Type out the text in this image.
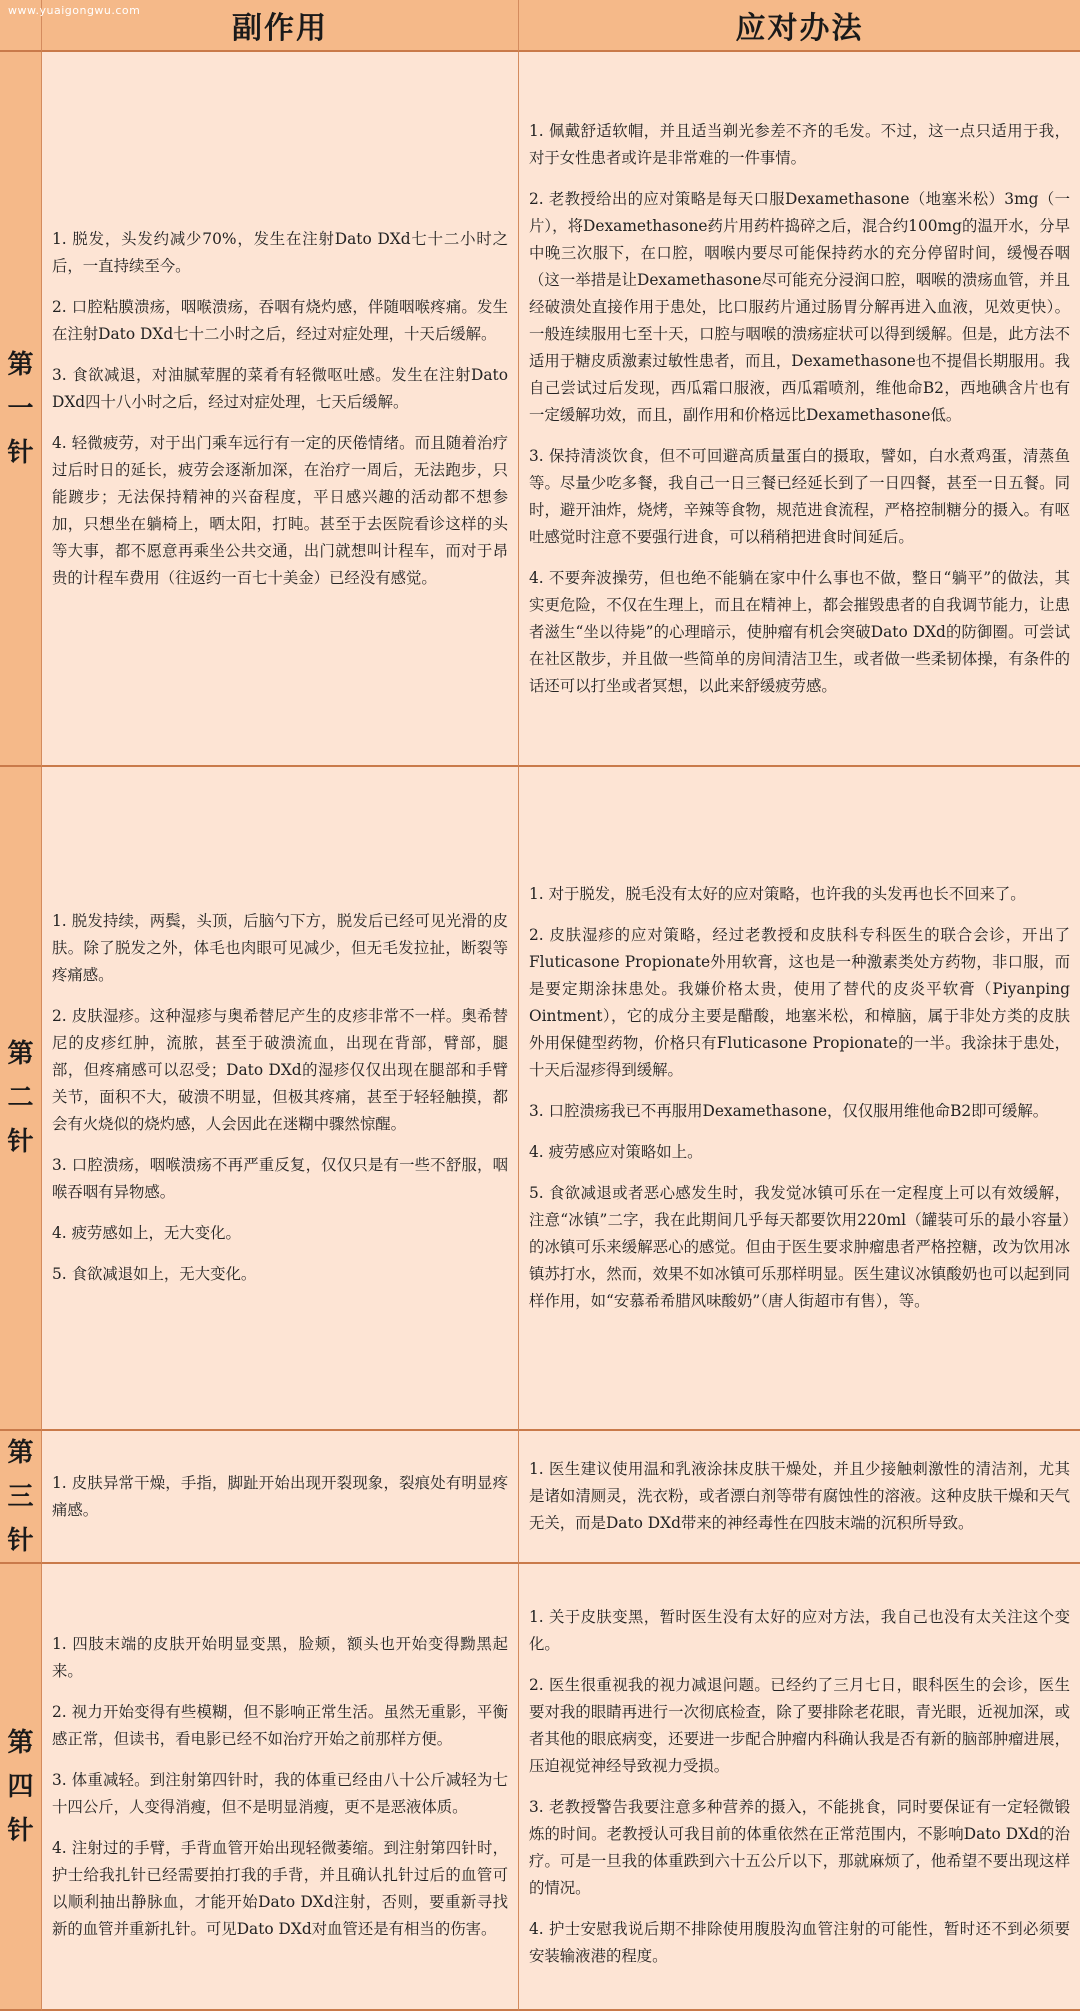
www.yuaigongwu.com
副作用	应对办法
第一针

1. 脱发，头发约减少70%，发生在注射Dato DXd七十二小时之后，一直持续至今。

2. 口腔粘膜溃疡，咽喉溃疡，吞咽有烧灼感，伴随咽喉疼痛。发生在注射Dato DXd七十二小时之后，经过对症处理，十天后缓解。

3. 食欲减退，对油腻荤腥的菜肴有轻微呕吐感。发生在注射Dato DXd四十八小时之后，经过对症处理，七天后缓解。

4. 轻微疲劳，对于出门乘车远行有一定的厌倦情绪。而且随着治疗过后时日的延长，疲劳会逐渐加深，在治疗一周后，无法跑步，只能踱步；无法保持精神的兴奋程度，平日感兴趣的活动都不想参加，只想坐在躺椅上，晒太阳，打盹。甚至于去医院看诊这样的头等大事，都不愿意再乘坐公共交通，出门就想叫计程车，而对于昂贵的计程车费用（往返约一百七十美金）已经没有感觉。

1. 佩戴舒适软帽，并且适当剃光参差不齐的毛发。不过，这一点只适用于我，对于女性患者或许是非常难的一件事情。

2. 老教授给出的应对策略是每天口服Dexamethasone（地塞米松）3mg（一片），将Dexamethasone药片用药杵捣碎之后，混合约100mg的温开水，分早中晚三次服下，在口腔，咽喉内要尽可能保持药水的充分停留时间，缓慢吞咽（这一举措是让Dexamethasone尽可能充分浸润口腔，咽喉的溃疡血管，并且经破溃处直接作用于患处，比口服药片通过肠胃分解再进入血液，见效更快）。一般连续服用七至十天，口腔与咽喉的溃疡症状可以得到缓解。但是，此方法不适用于糖皮质激素过敏性患者，而且，Dexamethasone也不提倡长期服用。我自己尝试过后发现，西瓜霜口服液，西瓜霜喷剂，维他命B2，西地碘含片也有一定缓解功效，而且，副作用和价格远比Dexamethasone低。

3. 保持清淡饮食，但不可回避高质量蛋白的摄取，譬如，白水煮鸡蛋，清蒸鱼等。尽量少吃多餐，我自己一日三餐已经延长到了一日四餐，甚至一日五餐。同时，避开油炸，烧烤，辛辣等食物，规范进食流程，严格控制糖分的摄入。有呕吐感觉时注意不要强行进食，可以稍稍把进食时间延后。

4. 不要奔波操劳，但也绝不能躺在家中什么事也不做，整日“躺平”的做法，其实更危险，不仅在生理上，而且在精神上，都会摧毁患者的自我调节能力，让患者滋生“坐以待毙”的心理暗示，使肿瘤有机会突破Dato DXd的防御圈。可尝试在社区散步，并且做一些简单的房间清洁卫生，或者做一些柔韧体操，有条件的话还可以打坐或者冥想，以此来舒缓疲劳感。

第二针

1. 脱发持续，两鬓，头顶，后脑勺下方，脱发后已经可见光滑的皮肤。除了脱发之外，体毛也肉眼可见减少，但无毛发拉扯，断裂等疼痛感。

2. 皮肤湿疹。这种湿疹与奥希替尼产生的皮疹非常不一样。奥希替尼的皮疹红肿，流脓，甚至于破溃流血，出现在背部，臂部，腿部，但疼痛感可以忍受；Dato DXd的湿疹仅仅出现在腿部和手臂关节，面积不大，破溃不明显，但极其疼痛，甚至于轻轻触摸，都会有火烧似的烧灼感，人会因此在迷糊中骤然惊醒。

3. 口腔溃疡，咽喉溃疡不再严重反复，仅仅只是有一些不舒服，咽喉吞咽有异物感。

4. 疲劳感如上，无大变化。

5. 食欲减退如上，无大变化。

1. 对于脱发，脱毛没有太好的应对策略，也许我的头发再也长不回来了。

2. 皮肤湿疹的应对策略，经过老教授和皮肤科专科医生的联合会诊，开出了Fluticasone Propionate外用软膏，这也是一种激素类处方药物，非口服，而是要定期涂抹患处。我嫌价格太贵，使用了替代的皮炎平软膏（Piyanping Ointment），它的成分主要是醋酸，地塞米松，和樟脑，属于非处方类的皮肤外用保健型药物，价格只有Fluticasone Propionate的一半。我涂抹于患处，十天后湿疹得到缓解。

3. 口腔溃疡我已不再服用Dexamethasone，仅仅服用维他命B2即可缓解。

4. 疲劳感应对策略如上。

5. 食欲减退或者恶心感发生时，我发觉冰镇可乐在一定程度上可以有效缓解，注意“冰镇”二字，我在此期间几乎每天都要饮用220ml（罐装可乐的最小容量）的冰镇可乐来缓解恶心的感觉。但由于医生要求肿瘤患者严格控糖，改为饮用冰镇苏打水，然而，效果不如冰镇可乐那样明显。医生建议冰镇酸奶也可以起到同样作用，如“安慕希希腊风味酸奶”（唐人街超市有售），等。

第三针

1. 皮肤异常干燥，手指，脚趾开始出现开裂现象，裂痕处有明显疼痛感。

1. 医生建议使用温和乳液涂抹皮肤干燥处，并且少接触刺激性的清洁剂，尤其是诸如清厕灵，洗衣粉，或者漂白剂等带有腐蚀性的溶液。这种皮肤干燥和天气无关，而是Dato DXd带来的神经毒性在四肢末端的沉积所导致。

第四针

1. 四肢末端的皮肤开始明显变黑，脸颊，额头也开始变得黝黑起来。

2. 视力开始变得有些模糊，但不影响正常生活。虽然无重影，平衡感正常，但读书，看电影已经不如治疗开始之前那样方便。

3. 体重减轻。到注射第四针时，我的体重已经由八十公斤减轻为七十四公斤，人变得消瘦，但不是明显消瘦，更不是恶液体质。

4. 注射过的手臂，手背血管开始出现轻微萎缩。到注射第四针时，护士给我扎针已经需要拍打我的手背，并且确认扎针过后的血管可以顺利抽出静脉血，才能开始Dato DXd注射，否则，要重新寻找新的血管并重新扎针。可见Dato DXd对血管还是有相当的伤害。

1. 关于皮肤变黑，暂时医生没有太好的应对方法，我自己也没有太关注这个变化。

2. 医生很重视我的视力减退问题。已经约了三月七日，眼科医生的会诊，医生要对我的眼睛再进行一次彻底检查，除了要排除老花眼，青光眼，近视加深，或者其他的眼底病变，还要进一步配合肿瘤内科确认我是否有新的脑部肿瘤进展，压迫视觉神经导致视力受损。

3. 老教授警告我要注意多种营养的摄入，不能挑食，同时要保证有一定轻微锻炼的时间。老教授认可我目前的体重依然在正常范围内，不影响Dato DXd的治疗。可是一旦我的体重跌到六十五公斤以下，那就麻烦了，他希望不要出现这样的情况。

4. 护士安慰我说后期不排除使用腹股沟血管注射的可能性，暂时还不到必须要安装输液港的程度。
